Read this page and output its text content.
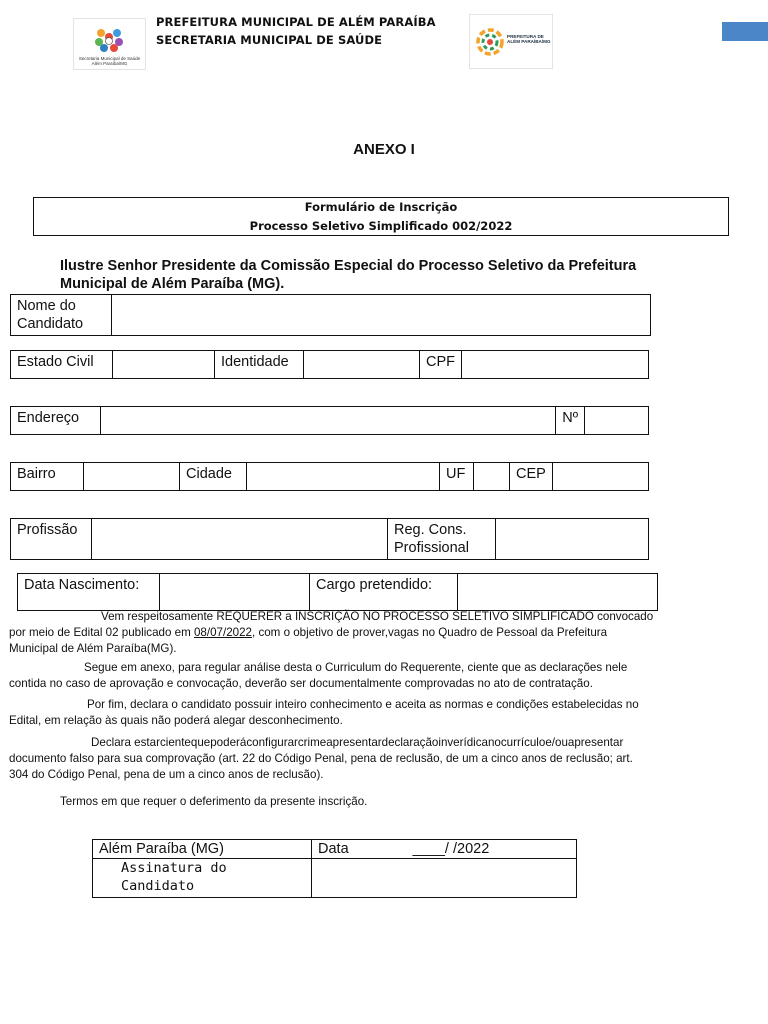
Secretaria Municipal de Saúde
Além Paraíba/MG
PREFEITURA MUNICIPAL DE ALÉM PARAÍBA
SECRETARIA MUNICIPAL DE SAÚDE	PREFEITURA DE
ALÉM PARAÍBA/MG
ANEXO I
Formulário de Inscrição
Processo Seletivo Simplificado 002/2022
Ilustre Senhor Presidente da Comissão Especial do Processo Seletivo da Prefeitura Municipal de Além Paraíba (MG).
Nome do
Candidato	
Estado Civil		Identidade		CPF	
Endereço		Nº	
Bairro		Cidade		UF		CEP	
Profissão		Reg. Cons.
Profissional	
Data Nascimento:		Cargo pretendido:	

Vem respeitosamente REQUERER a INSCRIÇÃO NO PROCESSO SELETIVO SIMPLIFICADO convocado

por meio de Edital 02 publicado em 08/07/2022, com o objetivo de prover,vagas no Quadro de Pessoal da Prefeitura

Municipal de Além Paraíba(MG).

Segue em anexo, para regular análise desta o Curriculum do Requerente, ciente que as declarações nele

contida no caso de aprovação e convocação, deverão ser documentalmente comprovadas no ato de contratação.

Por fim, declara o candidato possuir inteiro conhecimento e aceita as normas e condições estabelecidas no

Edital, em relação às quais não poderá alegar desconhecimento.

Declara estarcientequepoderáconfigurarcrimeapresentardeclaraçãoinverídicanocurrículoe/ouapresentar

documento falso para sua comprovação (art. 22 do Código Penal, pena de reclusão, de um a cinco anos de reclusão; art.

304 do Código Penal, pena de um a cinco anos de reclusão).

Termos em que requer o deferimento da presente inscrição.
Além Paraíba (MG)	Data ____/ /2022
Assinatura do Candidato	
